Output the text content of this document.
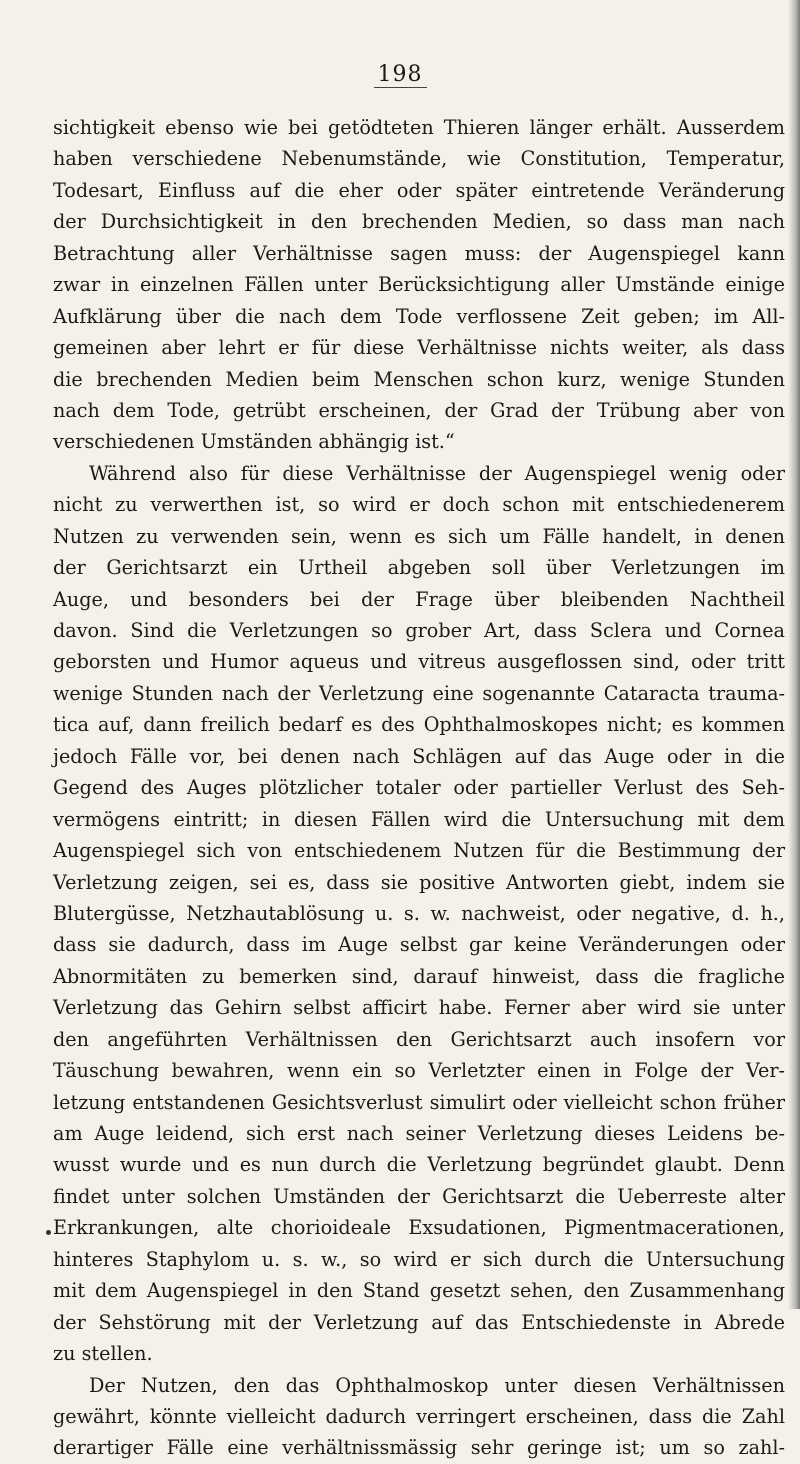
198
sichtigkeit ebenso wie bei getödteten Thieren länger erhält. Ausserdem
haben verschiedene Nebenumstände, wie Constitution, Temperatur,
Todesart, Einfluss auf die eher oder später eintretende Veränderung
der Durchsichtigkeit in den brechenden Medien, so dass man nach
Betrachtung aller Verhältnisse sagen muss: der Augenspiegel kann
zwar in einzelnen Fällen unter Berücksichtigung aller Umstände einige
Aufklärung über die nach dem Tode verflossene Zeit geben; im All-
gemeinen aber lehrt er für diese Verhältnisse nichts weiter, als dass
die brechenden Medien beim Menschen schon kurz, wenige Stunden
nach dem Tode, getrübt erscheinen, der Grad der Trübung aber von
verschiedenen Umständen abhängig ist.“
Während also für diese Verhältnisse der Augenspiegel wenig oder
nicht zu verwerthen ist, so wird er doch schon mit entschiedenerem
Nutzen zu verwenden sein, wenn es sich um Fälle handelt, in denen
der Gerichtsarzt ein Urtheil abgeben soll über Verletzungen im
Auge, und besonders bei der Frage über bleibenden Nachtheil
davon. Sind die Verletzungen so grober Art, dass Sclera und Cornea
geborsten und Humor aqueus und vitreus ausgeflossen sind, oder tritt
wenige Stunden nach der Verletzung eine sogenannte Cataracta trauma-
tica auf, dann freilich bedarf es des Ophthalmoskopes nicht; es kommen
jedoch Fälle vor, bei denen nach Schlägen auf das Auge oder in die
Gegend des Auges plötzlicher totaler oder partieller Verlust des Seh-
vermögens eintritt; in diesen Fällen wird die Untersuchung mit dem
Augenspiegel sich von entschiedenem Nutzen für die Bestimmung der
Verletzung zeigen, sei es, dass sie positive Antworten giebt, indem sie
Blutergüsse, Netzhautablösung u. s. w. nachweist, oder negative, d. h.,
dass sie dadurch, dass im Auge selbst gar keine Veränderungen oder
Abnormitäten zu bemerken sind, darauf hinweist, dass die fragliche
Verletzung das Gehirn selbst afficirt habe. Ferner aber wird sie unter
den angeführten Verhältnissen den Gerichtsarzt auch insofern vor
Täuschung bewahren, wenn ein so Verletzter einen in Folge der Ver-
letzung entstandenen Gesichtsverlust simulirt oder vielleicht schon früher
am Auge leidend, sich erst nach seiner Verletzung dieses Leidens be-
wusst wurde und es nun durch die Verletzung begründet glaubt. Denn
findet unter solchen Umständen der Gerichtsarzt die Ueberreste alter
Erkrankungen, alte chorioideale Exsudationen, Pigmentmacerationen,
hinteres Staphylom u. s. w., so wird er sich durch die Untersuchung
mit dem Augenspiegel in den Stand gesetzt sehen, den Zusammenhang
der Sehstörung mit der Verletzung auf das Entschiedenste in Abrede
zu stellen.
Der Nutzen, den das Ophthalmoskop unter diesen Verhältnissen
gewährt, könnte vielleicht dadurch verringert erscheinen, dass die Zahl
derartiger Fälle eine verhältnissmässig sehr geringe ist; um so zahl-
